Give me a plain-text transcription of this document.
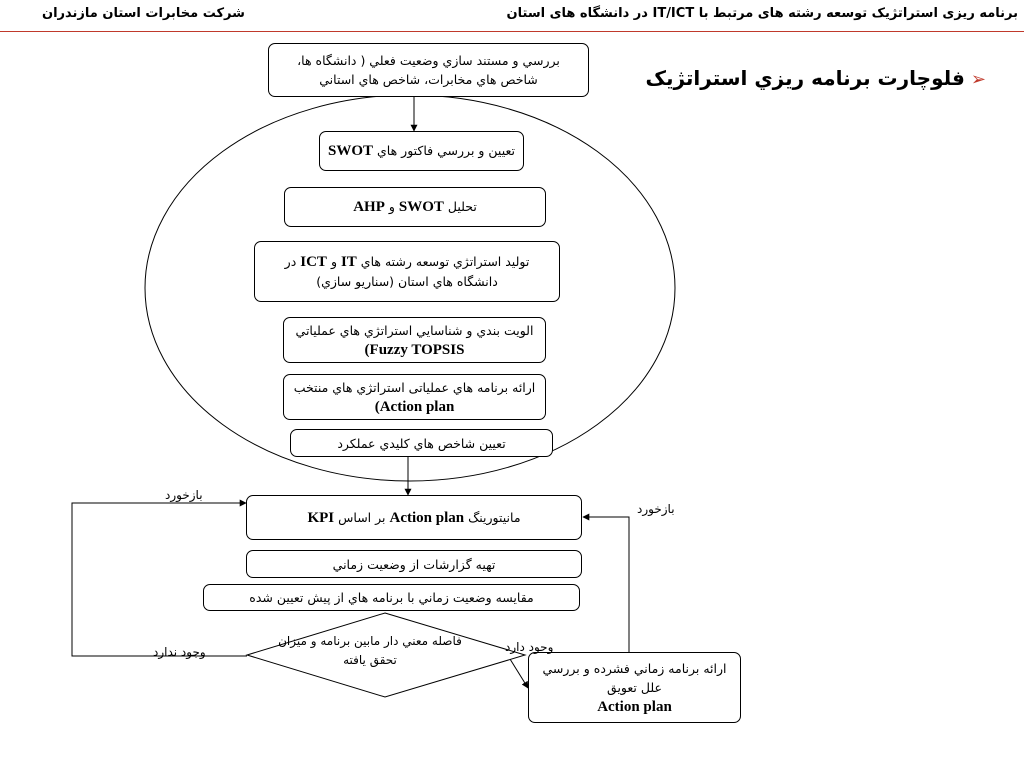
برنامه ریزی استراتژیک توسعه رشته های مرتبط با IT/ICT در دانشگاه های استان
شرکت مخابرات استان مازندران
➢فلوچارت برنامه ريزي استراتژيک
بررسي و مستند سازي وضعيت فعلي ( دانشگاه ها، شاخص هاي مخابرات، شاخص هاي استاني
تعيين و بررسي فاکتور هاي SWOT
تحليل SWOT و AHP
توليد استراتژي توسعه رشته هاي IT و ICT در دانشگاه هاي استان (سناريو سازي)
الويت بندي و شناسايي استراتژي هاي عملياتي
Fuzzy TOPSIS)
ارائه برنامه هاي عملياتی استراتژي هاي منتخب
Action plan)
تعيين شاخص هاي کليدي عملکرد
مانيتورينگ Action plan بر اساس KPI
تهيه گزارشات از وضعيت زماني
مقايسه وضعيت زماني با برنامه هاي از پيش تعيين شده
فاصله معني دار مابين برنامه و ميزان تحقق يافته
ارائه برنامه زماني فشرده و بررسي علل تعويق
Action plan
بازخورد
بازخورد
وجود ندارد	وجود دارد
